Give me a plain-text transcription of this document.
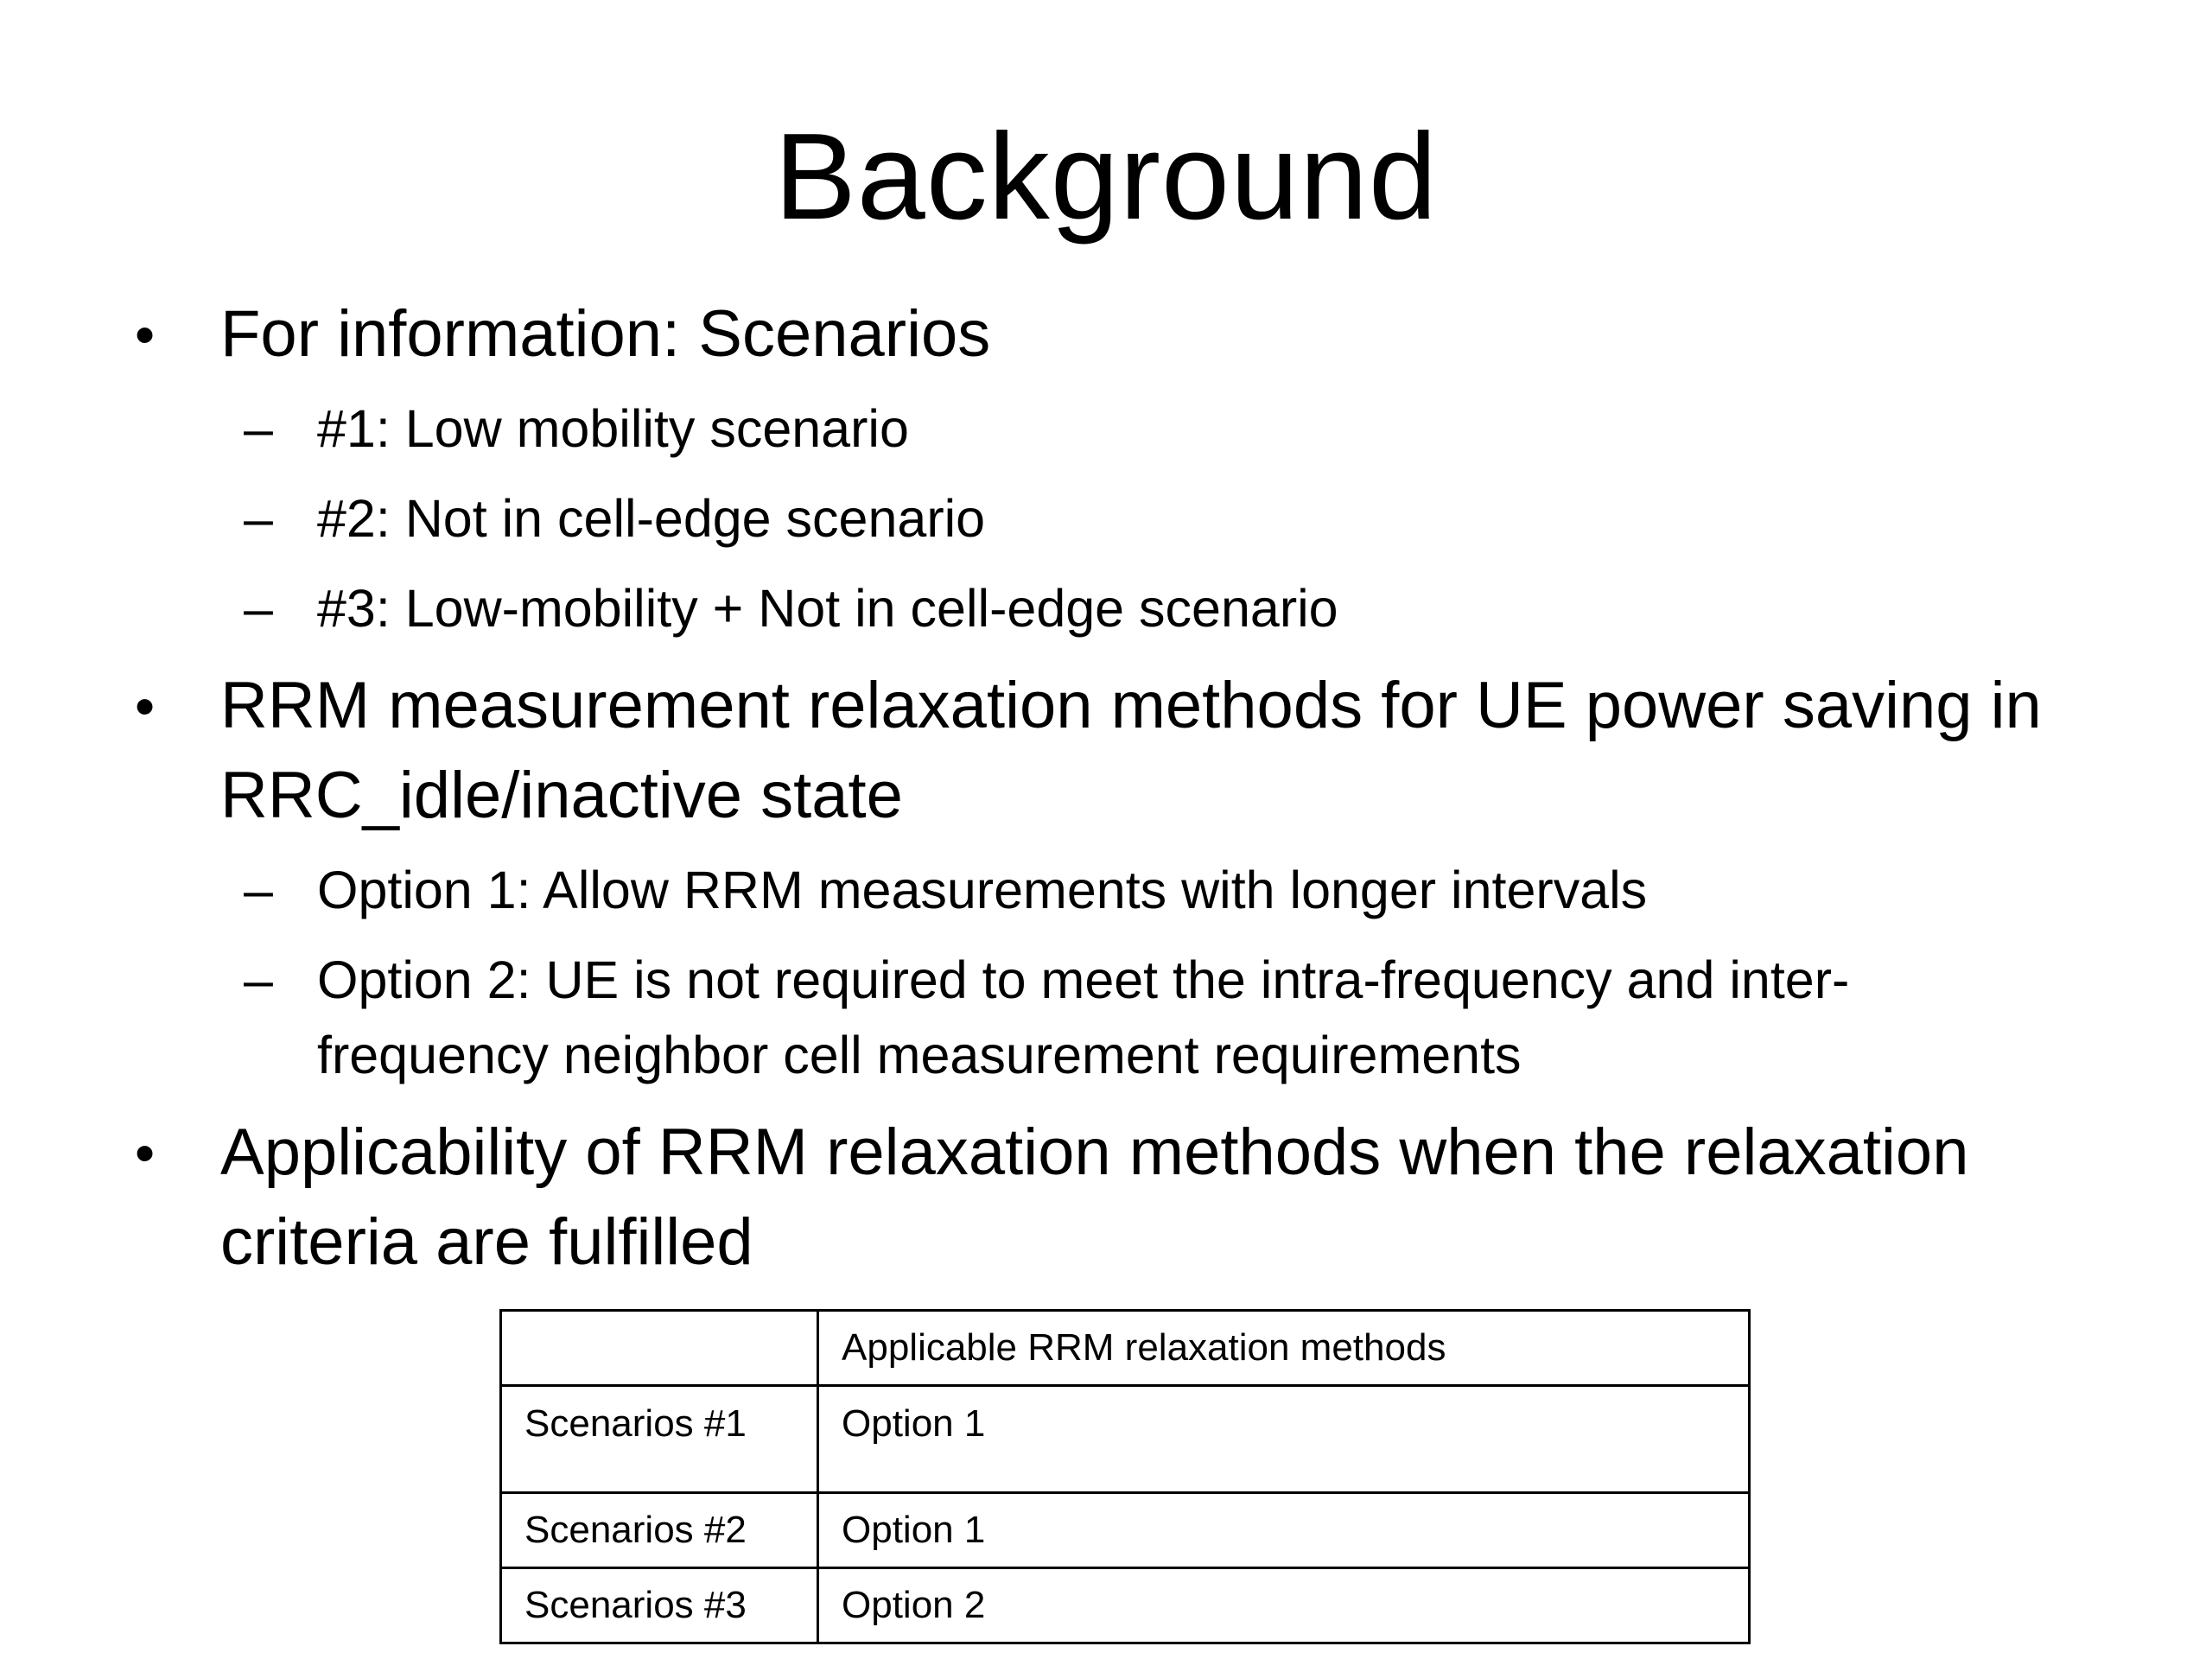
Background
• For information: Scenarios
– #1: Low mobility scenario
– #2: Not in cell-edge scenario
– #3: Low-mobility + Not in cell-edge scenario
• RRM measurement relaxation methods for UE power saving in
RRC_idle/inactive state
– Option 1: Allow RRM measurements with longer intervals
– Option 2: UE is not required to meet the intra-frequency and inter-
frequency neighbor cell measurement requirements
• Applicability of RRM relaxation methods when the relaxation
criteria are fulfilled
	Applicable RRM relaxation methods
Scenarios #1	Option 1
Scenarios #2	Option 1
Scenarios #3	Option 2
